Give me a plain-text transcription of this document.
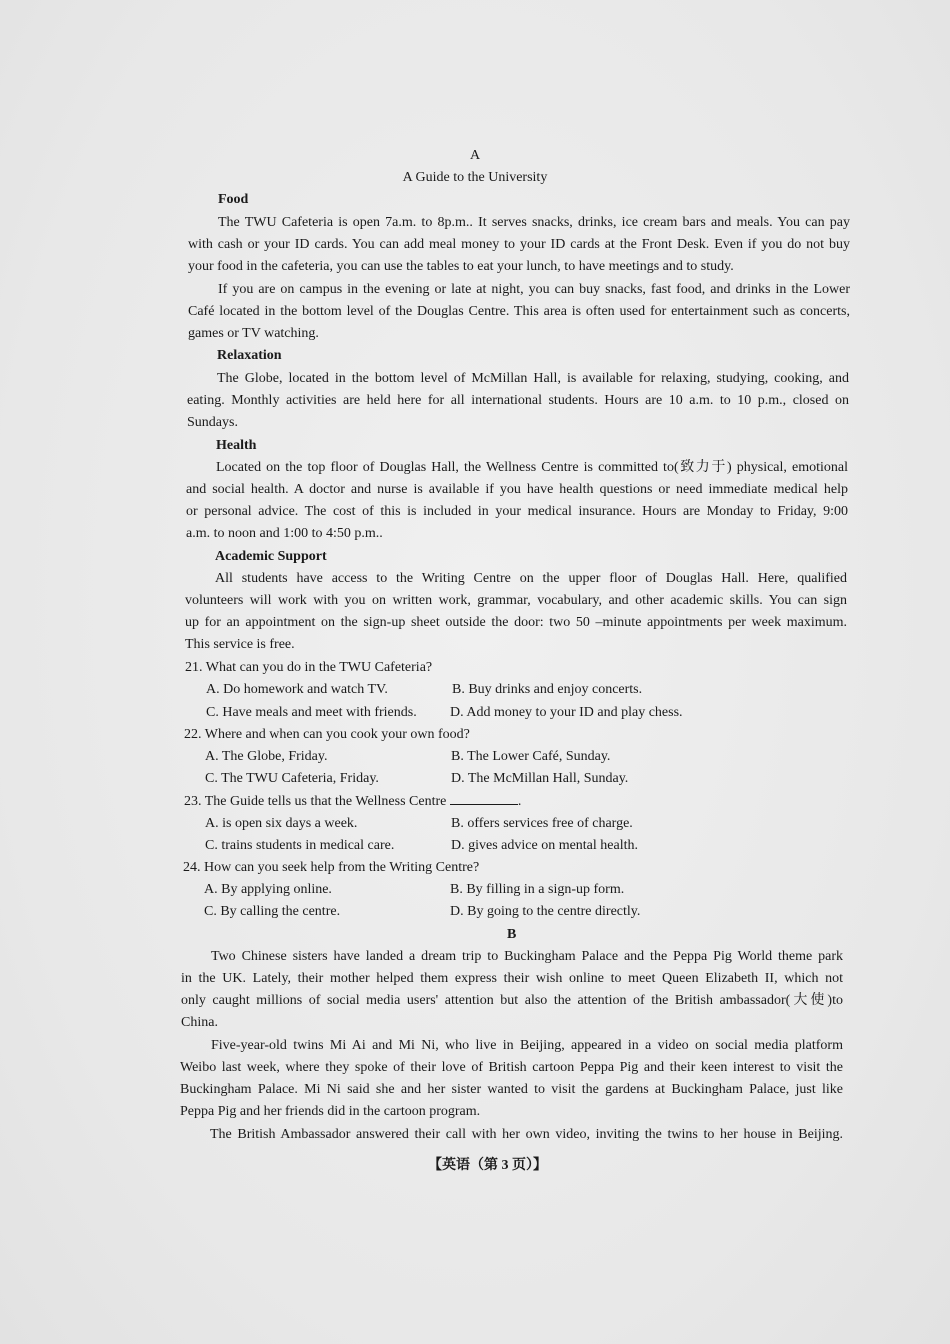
A
A Guide to the University
Food
The TWU Cafeteria is open 7a.m. to 8p.m.. It serves snacks, drinks, ice cream bars and meals. You can pay
with cash or your ID cards. You can add meal money to your ID cards at the Front Desk. Even if you do not buy
your food in the cafeteria, you can use the tables to eat your lunch, to have meetings and to study.
If you are on campus in the evening or late at night, you can buy snacks, fast food, and drinks in the Lower
Café located in the bottom level of the Douglas Centre. This area is often used for entertainment such as concerts,
games or TV watching.
Relaxation
The Globe, located in the bottom level of McMillan Hall, is available for relaxing, studying, cooking, and
eating. Monthly activities are held here for all international students. Hours are 10 a.m. to 10 p.m., closed on
Sundays.
Health
Located on the top floor of Douglas Hall, the Wellness Centre is committed to(致力于) physical, emotional
and social health. A doctor and nurse is available if you have health questions or need immediate medical help
or personal advice. The cost of this is included in your medical insurance. Hours are Monday to Friday, 9:00
a.m. to noon and 1:00 to 4:50 p.m..
Academic Support
All students have access to the Writing Centre on the upper floor of Douglas Hall. Here, qualified
volunteers will work with you on written work, grammar, vocabulary, and other academic skills. You can sign
up for an appointment on the sign-up sheet outside the door: two 50 –minute appointments per week maximum.
This service is free.
21. What can you do in the TWU Cafeteria?
A. Do homework and watch TV.	B. Buy drinks and enjoy concerts.
C. Have meals and meet with friends. D. Add money to your ID and play chess.
22. Where and when can you cook your own food?
A. The Globe, Friday.	B. The Lower Café, Sunday.
C. The TWU Cafeteria, Friday.	D. The McMillan Hall, Sunday.
23. The Guide tells us that the Wellness Centre	.
A. is open six days a week.	B. offers services free of charge.
C. trains students in medical care.	D. gives advice on mental health.
24. How can you seek help from the Writing Centre?
A. By applying online.	B. By filling in a sign-up form.
C. By calling the centre.	D. By going to the centre directly.
B
Two Chinese sisters have landed a dream trip to Buckingham Palace and the Peppa Pig World theme park
in the UK. Lately, their mother helped them express their wish online to meet Queen Elizabeth II, which not
only caught millions of social media users' attention but also the attention of the British ambassador(大使)to
China.
Five-year-old twins Mi Ai and Mi Ni, who live in Beijing, appeared in a video on social media platform
Weibo last week, where they spoke of their love of British cartoon Peppa Pig and their keen interest to visit the
Buckingham Palace. Mi Ni said she and her sister wanted to visit the gardens at Buckingham Palace, just like
Peppa Pig and her friends did in the cartoon program.
The British Ambassador answered their call with her own video, inviting the twins to her house in Beijing.
【英语（第 3 页）】
